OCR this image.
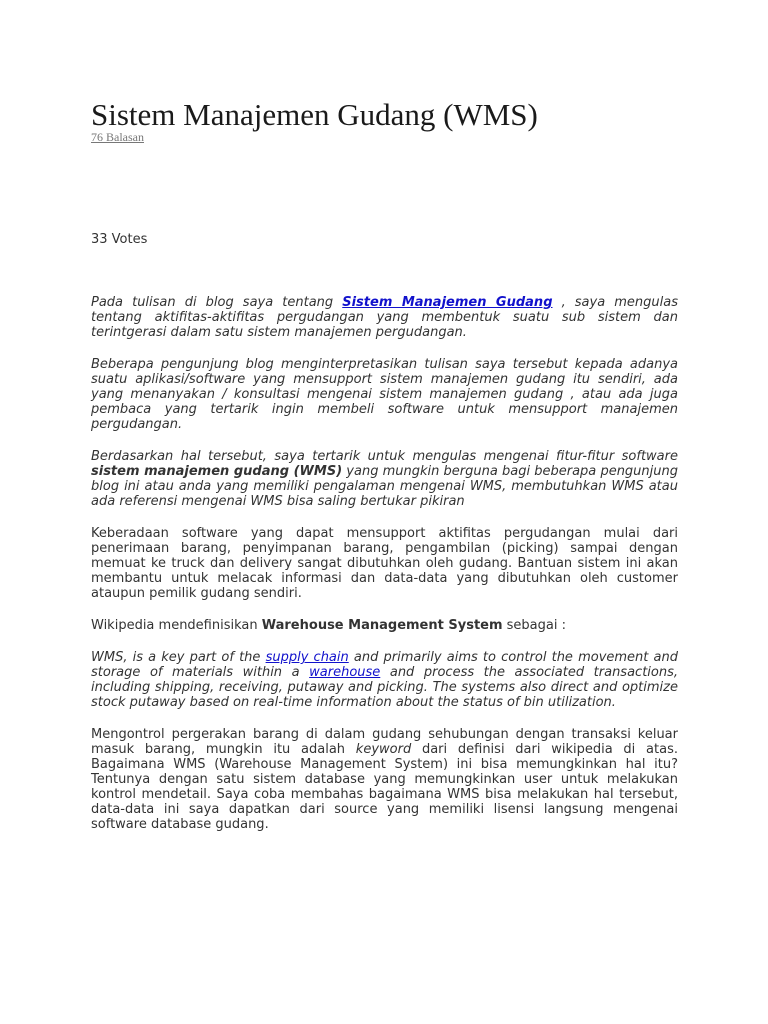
Sistem Manajemen Gudang (WMS)
76 Balasan
33 Votes

Pada tulisan di blog saya tentang Sistem Manajemen Gudang , saya mengulas tentang aktifitas-aktifitas pergudangan yang membentuk suatu sub sistem dan terintgerasi dalam satu sistem manajemen pergudangan.

Beberapa pengunjung blog menginterpretasikan tulisan saya tersebut kepada adanya suatu aplikasi/software yang mensupport sistem manajemen gudang itu sendiri, ada yang menanyakan / konsultasi mengenai sistem manajemen gudang , atau ada juga pembaca yang tertarik ingin membeli software untuk mensupport manajemen pergudangan.

Berdasarkan hal tersebut, saya tertarik untuk mengulas mengenai fitur-fitur software sistem manajemen gudang (WMS) yang mungkin berguna bagi beberapa pengunjung blog ini atau anda yang memiliki pengalaman mengenai WMS, membutuhkan WMS atau ada referensi mengenai WMS bisa saling bertukar pikiran

Keberadaan software yang dapat mensupport aktifitas pergudangan mulai dari penerimaan barang, penyimpanan barang, pengambilan (picking) sampai dengan memuat ke truck dan delivery sangat dibutuhkan oleh gudang. Bantuan sistem ini akan membantu untuk melacak informasi dan data-data yang dibutuhkan oleh customer ataupun pemilik gudang sendiri.

Wikipedia mendefinisikan Warehouse Management System sebagai :

WMS, is a key part of the supply chain and primarily aims to control the movement and storage of materials within a warehouse and process the associated transactions, including shipping, receiving, putaway and picking. The systems also direct and optimize stock putaway based on real-time information about the status of bin utilization.

Mengontrol pergerakan barang di dalam gudang sehubungan dengan transaksi keluar masuk barang, mungkin itu adalah keyword dari definisi dari wikipedia di atas. Bagaimana WMS (Warehouse Management System) ini bisa memungkinkan hal itu? Tentunya dengan satu sistem database yang memungkinkan user untuk melakukan kontrol mendetail. Saya coba membahas bagaimana WMS bisa melakukan hal tersebut, data-data ini saya dapatkan dari source yang memiliki lisensi langsung mengenai software database gudang.
